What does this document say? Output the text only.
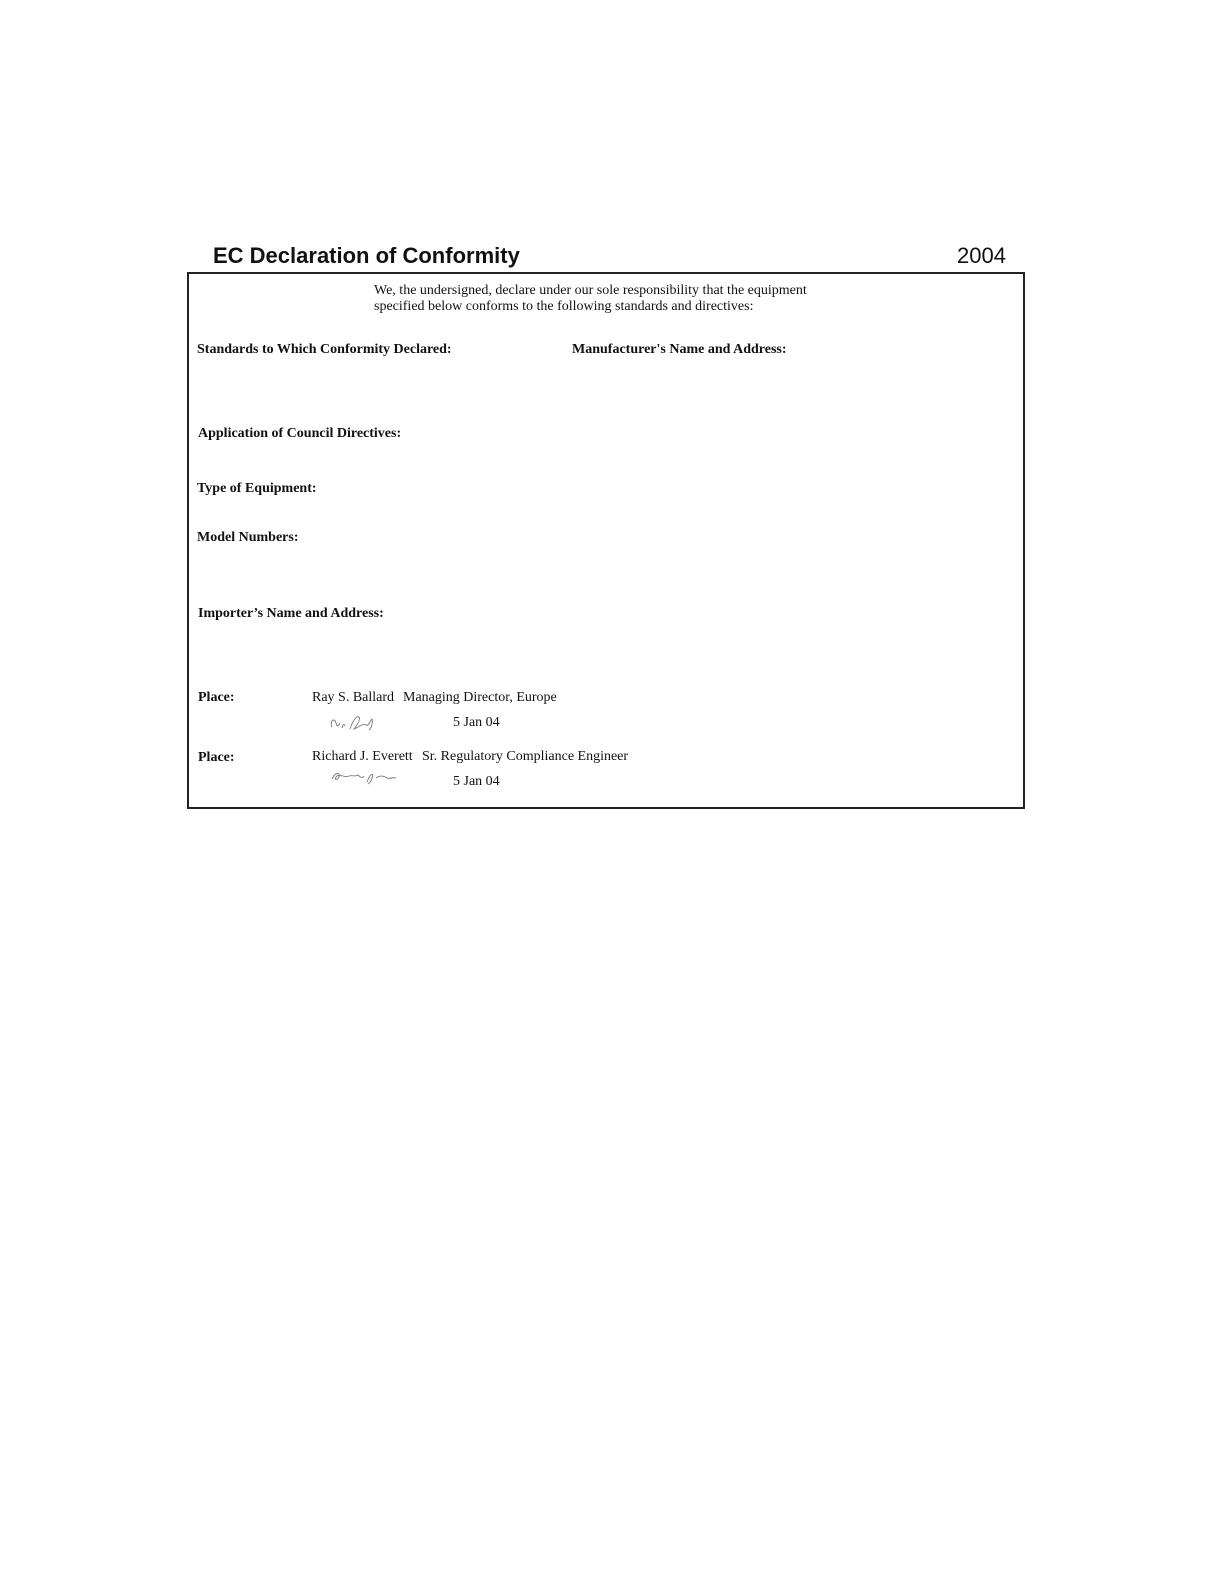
EC Declaration of Conformity	2004
We, the undersigned, declare under our sole responsibility that the equipment
specified below conforms to the following standards and directives:
Standards to Which Conformity Declared:	Manufacturer's Name and Address:
Application of Council Directives:
Type of Equipment:
Model Numbers:
Importer’s Name and Address:
Place:	Ray S. Ballard Managing Director, Europe
5 Jan 04
Place:	Richard J. Everett Sr. Regulatory Compliance Engineer
5 Jan 04
